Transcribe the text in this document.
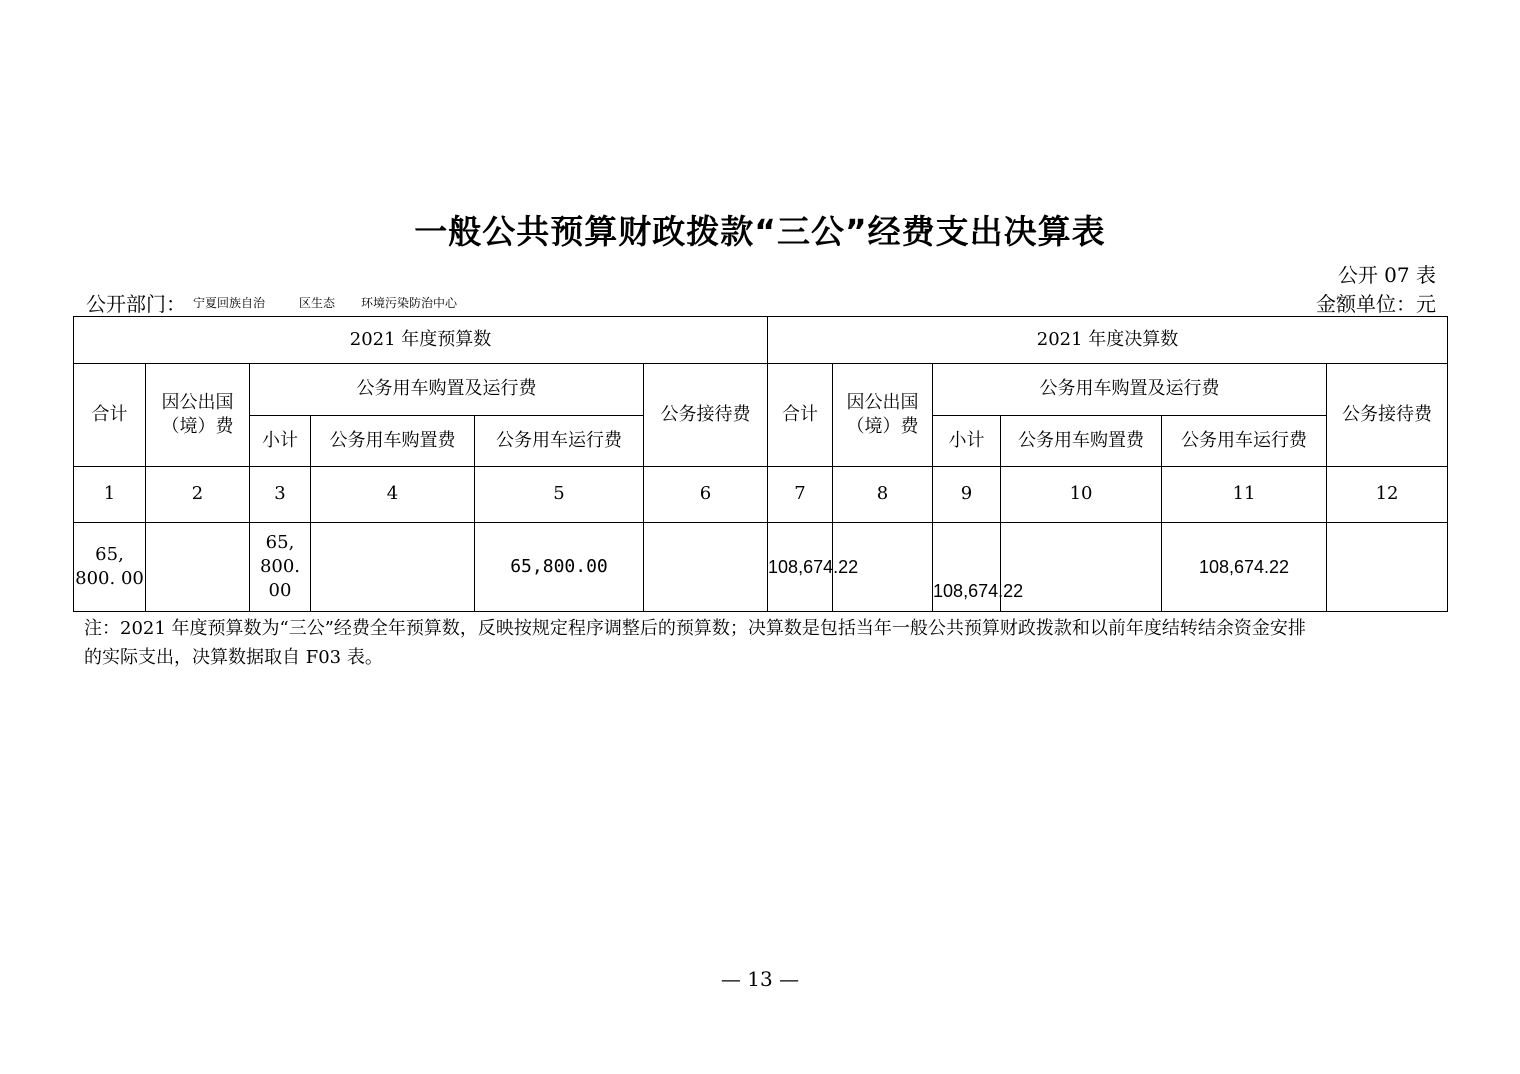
一般公共预算财政拨款“三公”经费支出决算表
公开 07 表
公开部门： 宁夏回族自治	区生态 环境污染防治中心	金额单位：元
2021 年度预算数						2021 年度决算数					
合计	因公出国（境）费	公务用车购置及运行费			公务接待费	合计	因公出国（境）费	公务用车购置及运行费			公务接待费
		小计	公务用车购置费	公务用车运行费				小计	公务用车购置费	公务用车运行费	
1	2	3	4	5	6	7	8	9	10	11	12
65, 800. 00		65, 800. 00		65,800.00		108,674.22		108,674.22		108,674.22	
注：2021 年度预算数为“三公”经费全年预算数，反映按规定程序调整后的预算数；决算数是包括当年一般公共预算财政拨款和以前年度结转结余资金安排
的实际支出，决算数据取自 F03 表。
— 13 —
